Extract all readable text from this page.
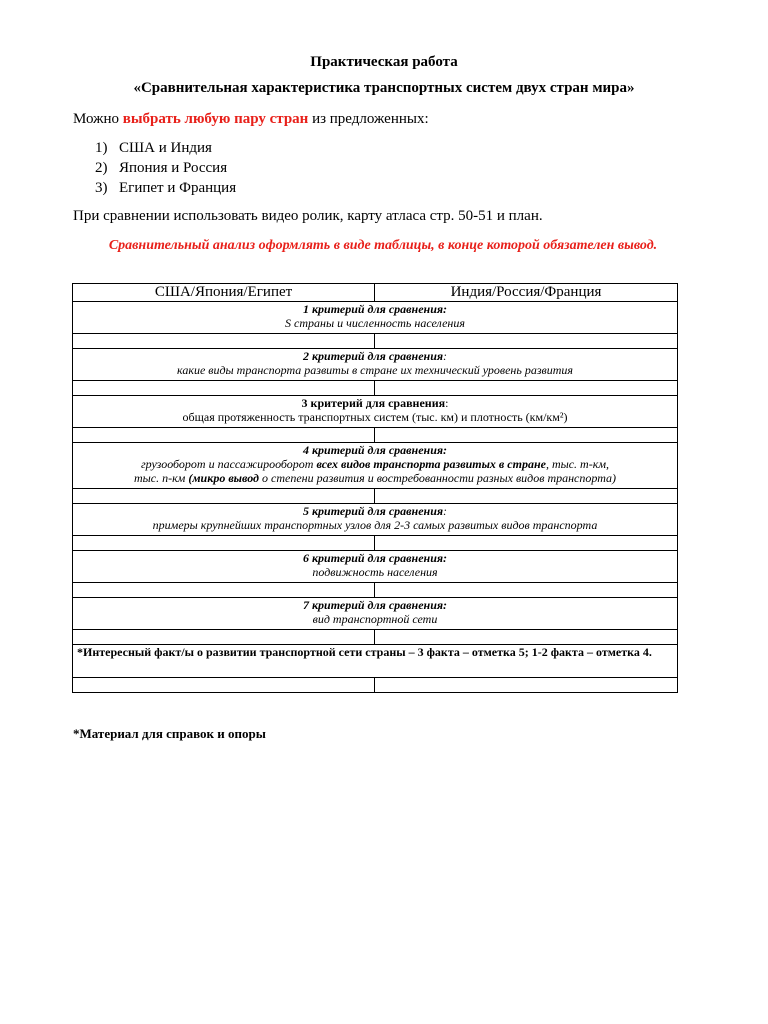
Практическая работа
«Сравнительная характеристика транспортных систем двух стран мира»
Можно выбрать любую пару стран из предложенных:
1) США и Индия
2) Япония и Россия
3) Египет и Франция
При сравнении использовать видео ролик, карту атласа стр. 50-51 и план.
Сравнительный анализ оформлять в виде таблицы, в конце которой обязателен вывод.
США/Япония/Египет	Индия/Россия/Франция

1 критерий для сравнения:
S страны и численность населения	

2 критерий для сравнения:
какие виды транспорта развиты в стране их технический уровень развития	

3 критерий для сравнения:
общая протяженность транспортных систем (тыс. км) и плотность (км/км²)	

4 критерий для сравнения:
грузооборот и пассажирооборот всех видов транспорта развитых в стране, тыс. т-км,
тыс. п-км (микро вывод о степени развития и востребованности разных видов транспорта)	

5 критерий для сравнения:
примеры крупнейших транспортных узлов для 2-3 самых развитых видов транспорта	

6 критерий для сравнения:
подвижность населения	

7 критерий для сравнения:
вид транспортной сети	

*Интересный факт/ы о развитии транспортной сети страны – 3 факта – отметка 5; 1-2 факта – отметка 4.	

*Материал для справок и опоры
